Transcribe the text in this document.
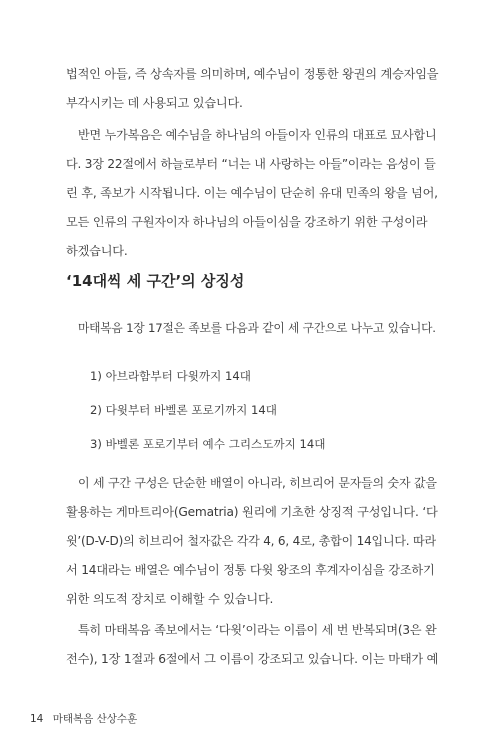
법적인 아들, 즉 상속자를 의미하며, 예수님이 정통한 왕권의 계승자임을
부각시키는 데 사용되고 있습니다.
반면 누가복음은 예수님을 하나님의 아들이자 인류의 대표로 묘사합니
다. 3장 22절에서 하늘로부터 “너는 내 사랑하는 아들”이라는 음성이 들
린 후, 족보가 시작됩니다. 이는 예수님이 단순히 유대 민족의 왕을 넘어,
모든 인류의 구원자이자 하나님의 아들이심을 강조하기 위한 구성이라
하겠습니다.
‘14대씩 세 구간’의 상징성
마태복음 1장 17절은 족보를 다음과 같이 세 구간으로 나누고 있습니다.
1) 아브라함부터 다윗까지 14대
2) 다윗부터 바벨론 포로기까지 14대
3) 바벨론 포로기부터 예수 그리스도까지 14대
이 세 구간 구성은 단순한 배열이 아니라, 히브리어 문자들의 숫자 값을
활용하는 게마트리아(Gematria) 원리에 기초한 상징적 구성입니다. ‘다
윗’(D-V-D)의 히브리어 철자값은 각각 4, 6, 4로, 총합이 14입니다. 따라
서 14대라는 배열은 예수님이 정통 다윗 왕조의 후계자이심을 강조하기
위한 의도적 장치로 이해할 수 있습니다.
특히 마태복음 족보에서는 ‘다윗’이라는 이름이 세 번 반복되며(3은 완
전수), 1장 1절과 6절에서 그 이름이 강조되고 있습니다. 이는 마태가 예
14 마태복음 산상수훈
